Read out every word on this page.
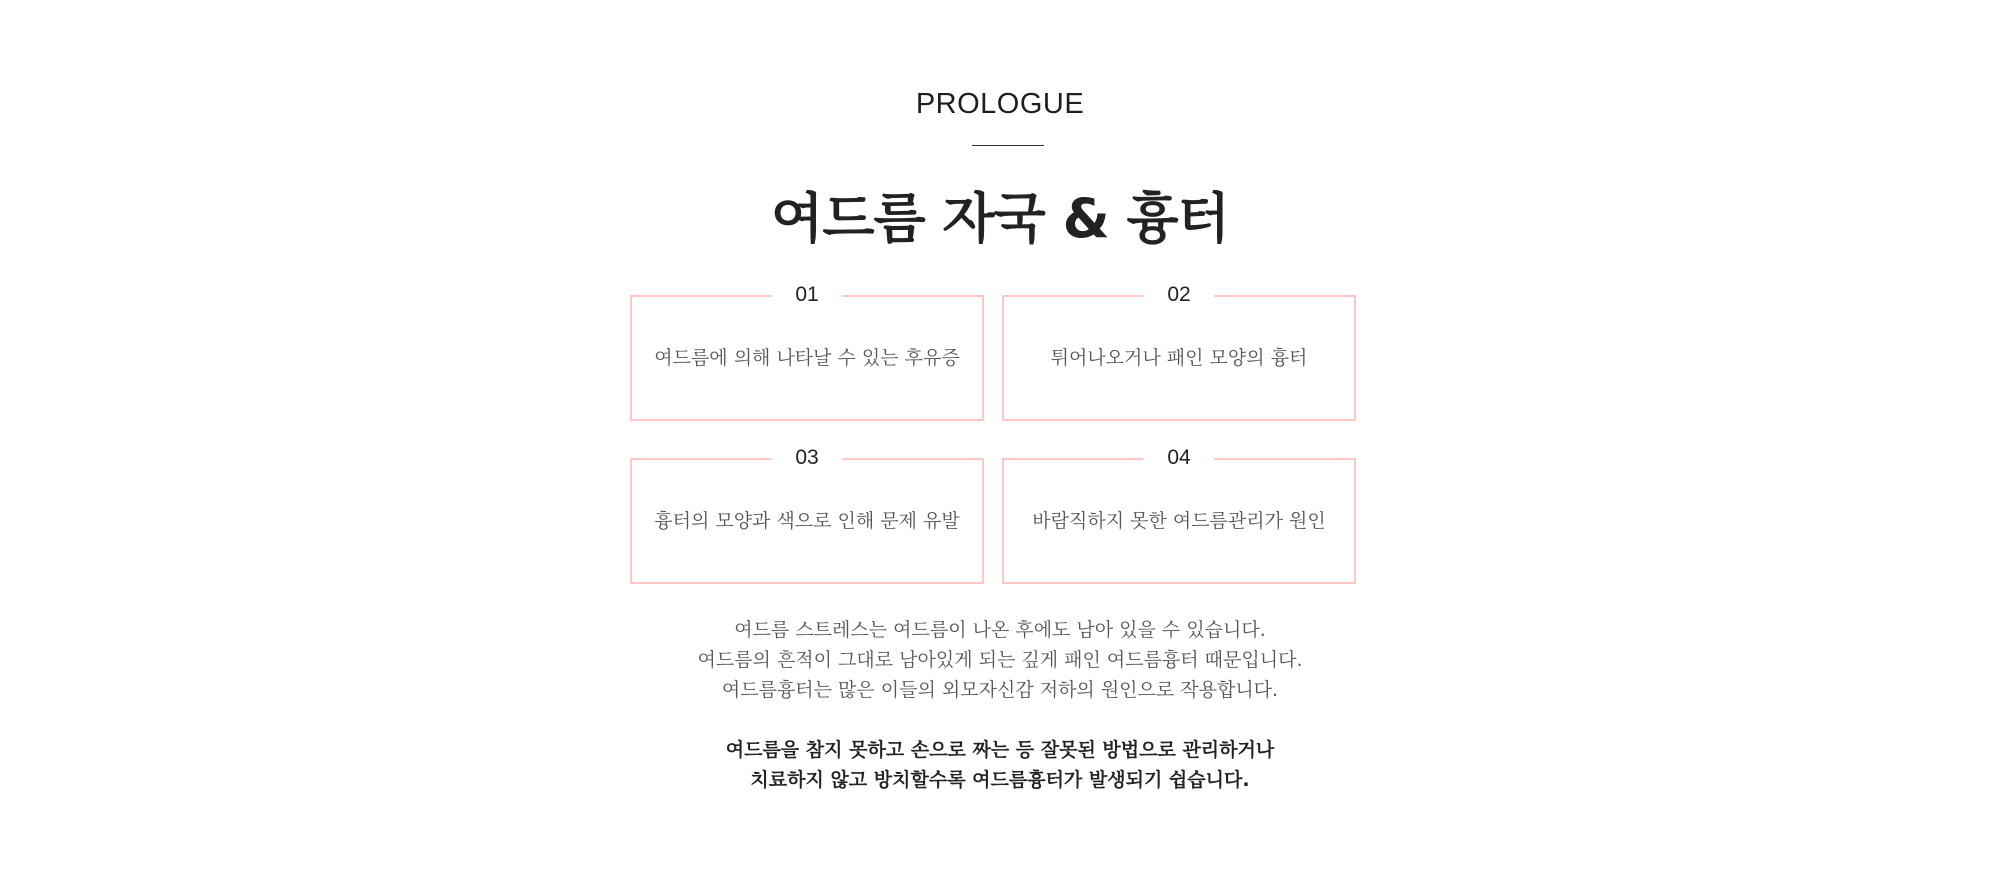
PROLOGUE
여드름 자국 & 흉터
01
여드름에 의해 나타날 수 있는 후유증
02
튀어나오거나 패인 모양의 흉터
03
흉터의 모양과 색으로 인해 문제 유발
04
바람직하지 못한 여드름관리가 원인
여드름 스트레스는 여드름이 나온 후에도 남아 있을 수 있습니다.
여드름의 흔적이 그대로 남아있게 되는 깊게 패인 여드름흉터 때문입니다.
여드름흉터는 많은 이들의 외모자신감 저하의 원인으로 작용합니다.
여드름을 참지 못하고 손으로 짜는 등 잘못된 방법으로 관리하거나
치료하지 않고 방치할수록 여드름흉터가 발생되기 쉽습니다.
